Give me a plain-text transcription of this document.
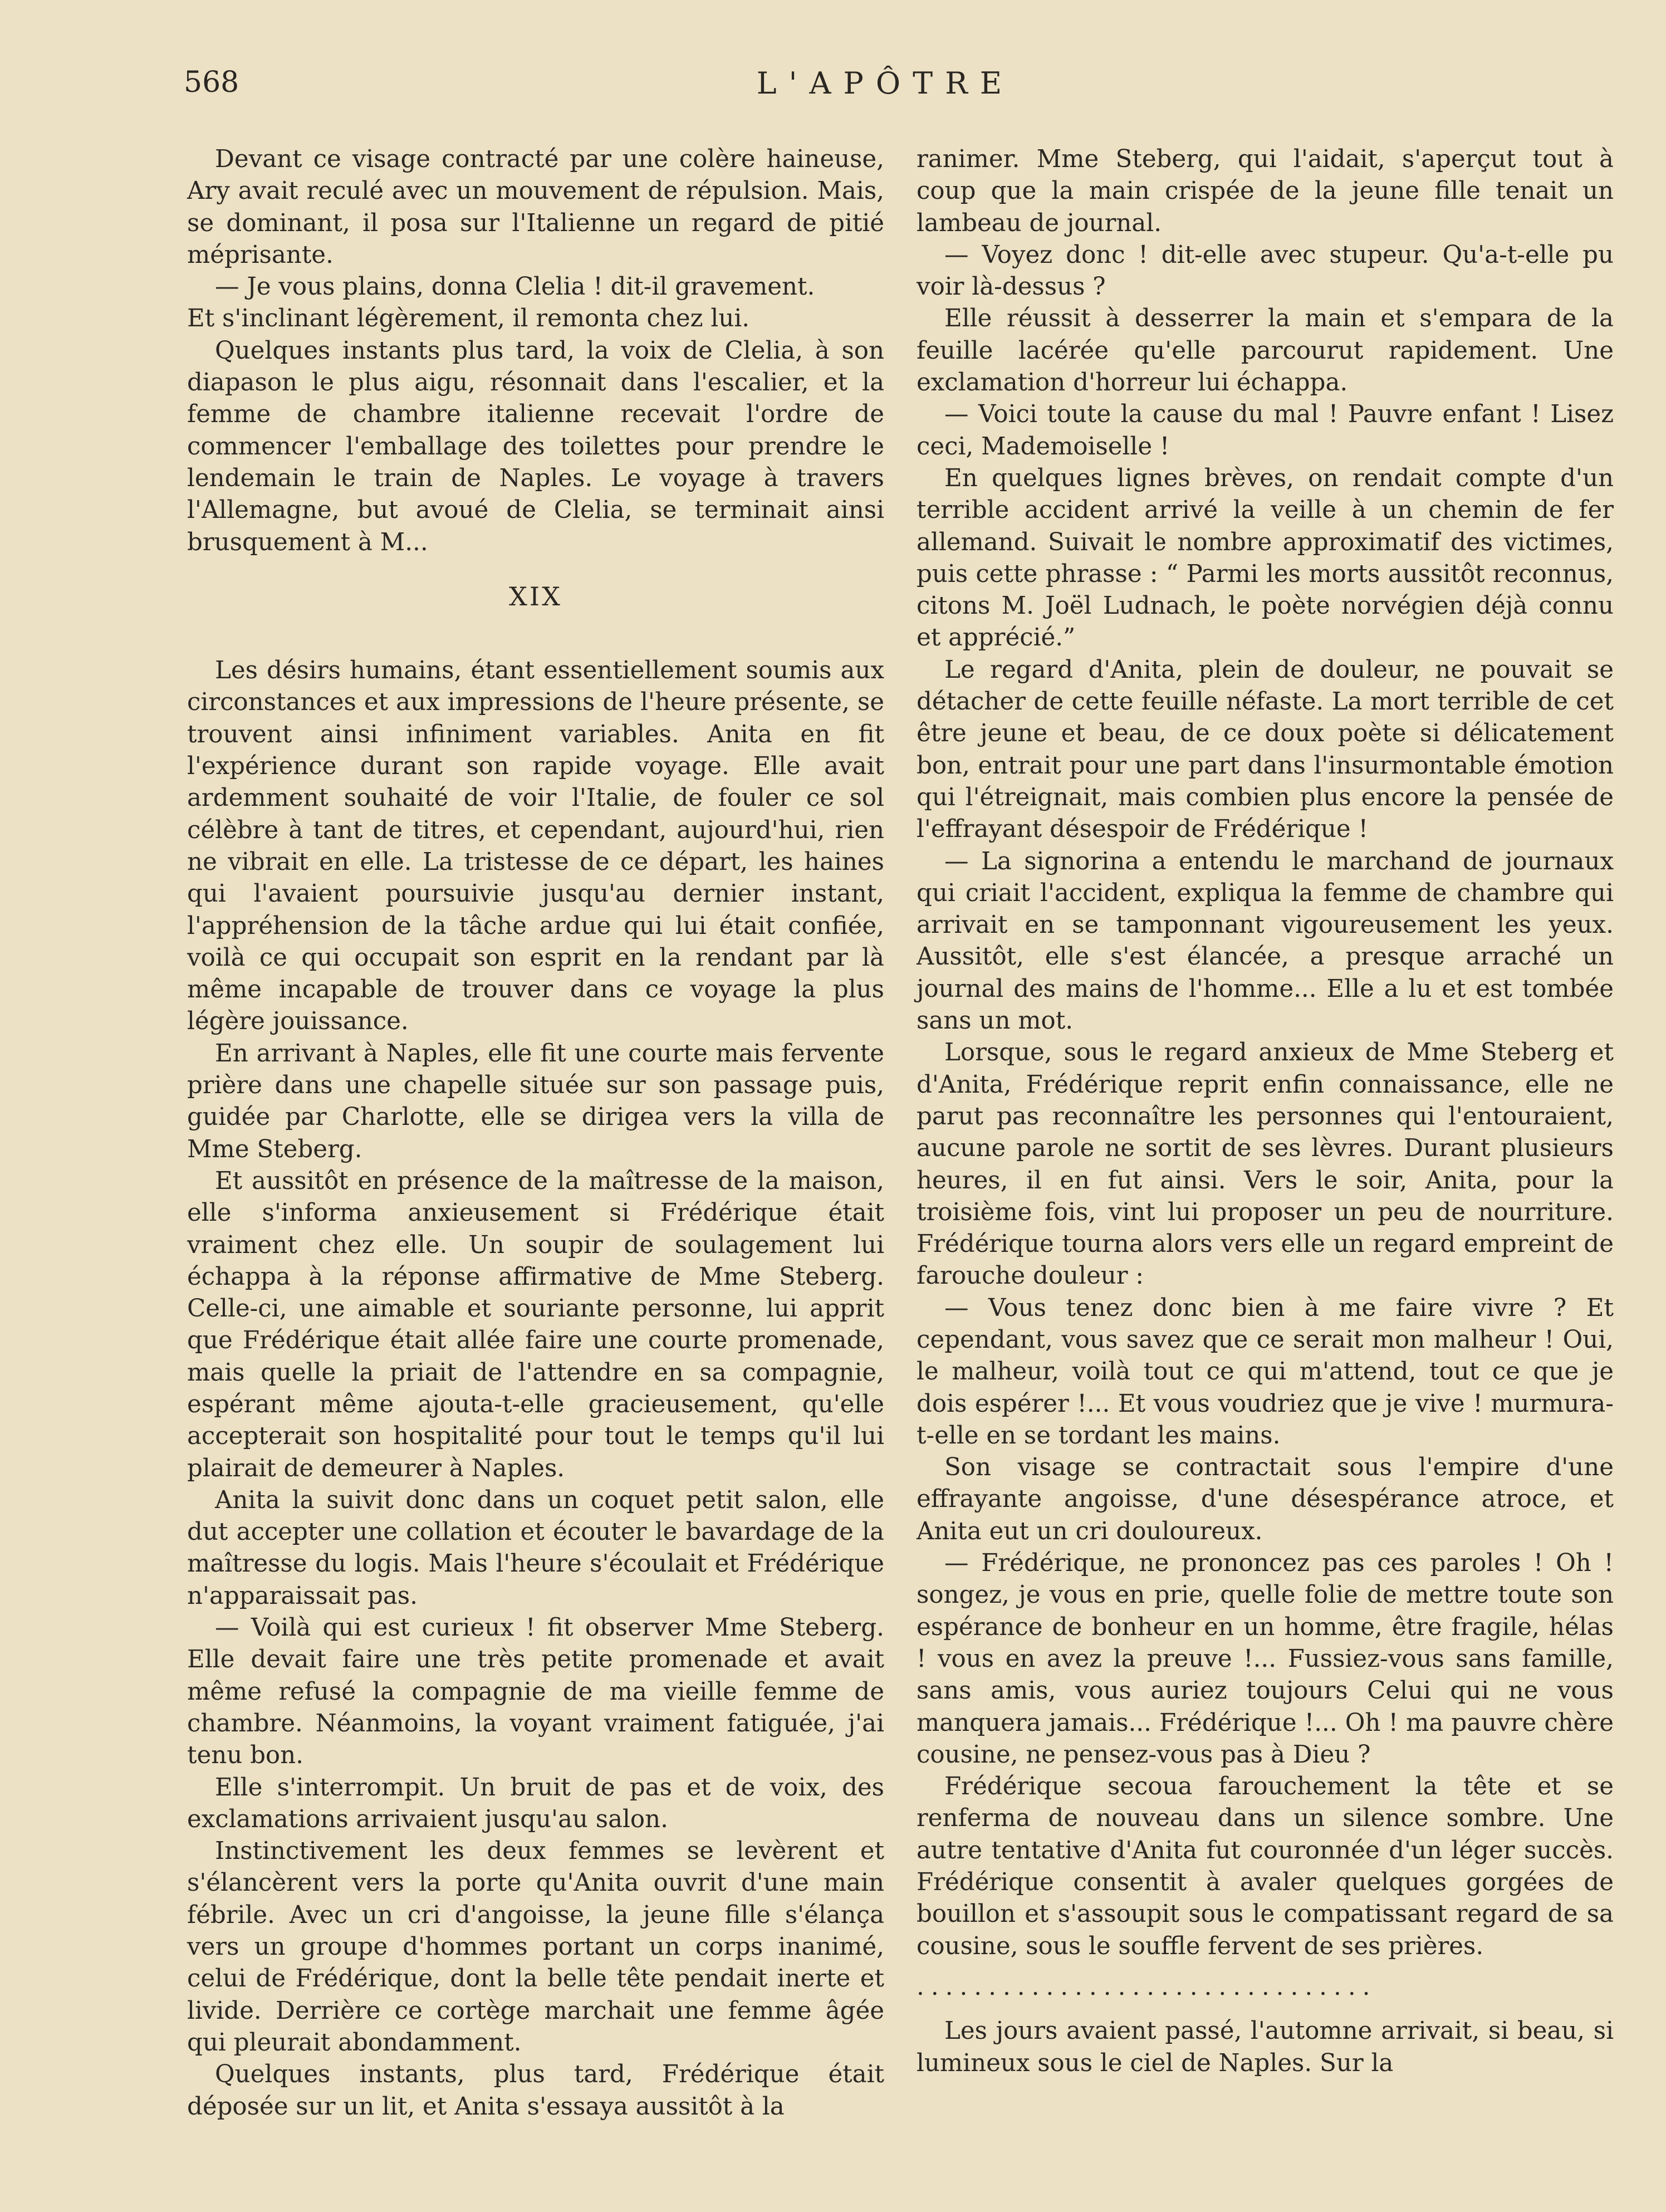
568	L'APÔTRE

Devant ce visage contracté par une colère haineuse, Ary avait reculé avec un mouvement de répulsion. Mais, se dominant, il posa sur l'Italienne un regard de pitié méprisante.

— Je vous plains, donna Clelia ! dit-il gravement.

Et s'inclinant légèrement, il remonta chez lui.

Quelques instants plus tard, la voix de Clelia, à son diapason le plus aigu, résonnait dans l'escalier, et la femme de chambre italienne recevait l'ordre de commencer l'emballage des toilettes pour prendre le lendemain le train de Naples. Le voyage à travers l'Allemagne, but avoué de Clelia, se terminait ainsi brusquement à M...

XIX

Les désirs humains, étant essentiellement soumis aux circonstances et aux impressions de l'heure présente, se trouvent ainsi infiniment variables. Anita en fit l'expérience durant son rapide voyage. Elle avait ardemment souhaité de voir l'Italie, de fouler ce sol célèbre à tant de titres, et cependant, aujourd'hui, rien ne vibrait en elle. La tristesse de ce départ, les haines qui l'avaient poursuivie jusqu'au dernier instant, l'appréhension de la tâche ardue qui lui était confiée, voilà ce qui occupait son esprit en la rendant par là même incapable de trouver dans ce voyage la plus légère jouissance.

En arrivant à Naples, elle fit une courte mais fervente prière dans une chapelle située sur son passage puis, guidée par Charlotte, elle se dirigea vers la villa de Mme Steberg.

Et aussitôt en présence de la maîtresse de la maison, elle s'informa anxieusement si Frédérique était vraiment chez elle. Un soupir de soulagement lui échappa à la réponse affirmative de Mme Steberg. Celle-ci, une aimable et souriante personne, lui apprit que Frédérique était allée faire une courte promenade, mais quelle la priait de l'attendre en sa compagnie, espérant même ajouta-t-elle gracieusement, qu'elle accepterait son hospitalité pour tout le temps qu'il lui plairait de demeurer à Naples.

Anita la suivit donc dans un coquet petit salon, elle dut accepter une collation et écouter le bavardage de la maîtresse du logis. Mais l'heure s'écoulait et Frédérique n'apparaissait pas.

— Voilà qui est curieux ! fit observer Mme Steberg. Elle devait faire une très petite promenade et avait même refusé la compagnie de ma vieille femme de chambre. Néanmoins, la voyant vraiment fatiguée, j'ai tenu bon.

Elle s'interrompit. Un bruit de pas et de voix, des exclamations arrivaient jusqu'au salon.

Instinctivement les deux femmes se levèrent et s'élancèrent vers la porte qu'Anita ouvrit d'une main fébrile. Avec un cri d'angoisse, la jeune fille s'élança vers un groupe d'hommes portant un corps inanimé, celui de Frédérique, dont la belle tête pendait inerte et livide. Derrière ce cortège marchait une femme âgée qui pleurait abondamment.

Quelques instants, plus tard, Frédérique était déposée sur un lit, et Anita s'essaya aussitôt à la

ranimer. Mme Steberg, qui l'aidait, s'aperçut tout à coup que la main crispée de la jeune fille tenait un lambeau de journal.

— Voyez donc ! dit-elle avec stupeur. Qu'a-t-elle pu voir là-dessus ?

Elle réussit à desserrer la main et s'empara de la feuille lacérée qu'elle parcourut rapidement. Une exclamation d'horreur lui échappa.

— Voici toute la cause du mal ! Pauvre enfant ! Lisez ceci, Mademoiselle !

En quelques lignes brèves, on rendait compte d'un terrible accident arrivé la veille à un chemin de fer allemand. Suivait le nombre approximatif des victimes, puis cette phrasse : “ Parmi les morts aussitôt reconnus, citons M. Joël Ludnach, le poète norvégien déjà connu et apprécié.”

Le regard d'Anita, plein de douleur, ne pouvait se détacher de cette feuille néfaste. La mort terrible de cet être jeune et beau, de ce doux poète si délicatement bon, entrait pour une part dans l'insurmontable émotion qui l'étreignait, mais combien plus encore la pensée de l'effrayant désespoir de Frédérique !

— La signorina a entendu le marchand de journaux qui criait l'accident, expliqua la femme de chambre qui arrivait en se tamponnant vigoureusement les yeux. Aussitôt, elle s'est élancée, a presque arraché un journal des mains de l'homme... Elle a lu et est tombée sans un mot.

Lorsque, sous le regard anxieux de Mme Steberg et d'Anita, Frédérique reprit enfin connaissance, elle ne parut pas reconnaître les personnes qui l'entouraient, aucune parole ne sortit de ses lèvres. Durant plusieurs heures, il en fut ainsi. Vers le soir, Anita, pour la troisième fois, vint lui proposer un peu de nourriture. Frédérique tourna alors vers elle un regard empreint de farouche douleur :

— Vous tenez donc bien à me faire vivre ? Et cependant, vous savez que ce serait mon malheur ! Oui, le malheur, voilà tout ce qui m'attend, tout ce que je dois espérer !... Et vous voudriez que je vive ! murmura-t-elle en se tordant les mains.

Son visage se contractait sous l'empire d'une effrayante angoisse, d'une désespérance atroce, et Anita eut un cri douloureux.

— Frédérique, ne prononcez pas ces paroles ! Oh ! songez, je vous en prie, quelle folie de mettre toute son espérance de bonheur en un homme, être fragile, hélas ! vous en avez la preuve !... Fussiez-vous sans famille, sans amis, vous auriez toujours Celui qui ne vous manquera jamais... Frédérique !... Oh ! ma pauvre chère cousine, ne pensez-vous pas à Dieu ?

Frédérique secoua farouchement la tête et se renferma de nouveau dans un silence sombre. Une autre tentative d'Anita fut couronnée d'un léger succès. Frédérique consentit à avaler quelques gorgées de bouillon et s'assoupit sous le compatissant regard de sa cousine, sous le souffle fervent de ses prières.

................................

Les jours avaient passé, l'automne arrivait, si beau, si lumineux sous le ciel de Naples. Sur la
